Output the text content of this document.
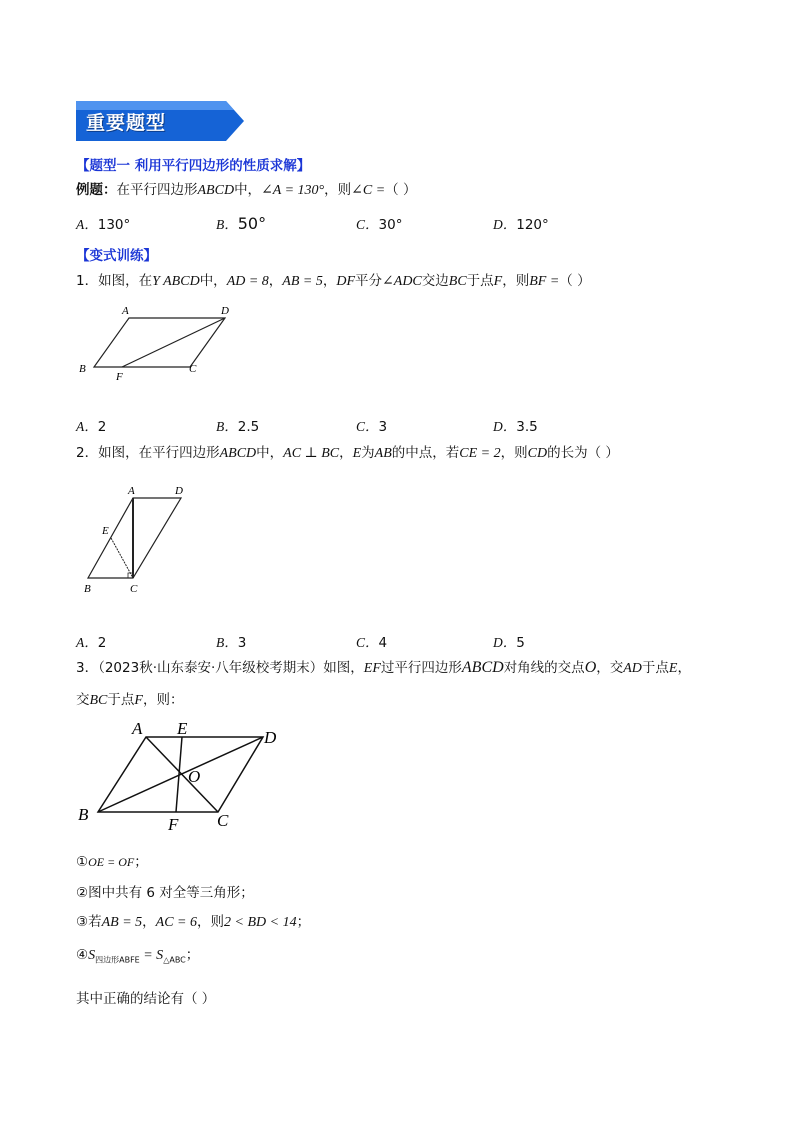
重要题型
【题型一 利用平行四边形的性质求解】
例题：在平行四边形ABCD中，∠A = 130°，则∠C =（ ）
A．130°	B．50°	C．30°	D．120°
【变式训练】
1．如图，在Y ABCD中，AD = 8，AB = 5，DF平分∠ADC交边BC于点F，则BF =（ ）
A	D
B
F
C
A．2	B．2.5	C．3	D．3.5
2．如图，在平行四边形ABCD中，AC ⊥ BC，E为AB的中点，若CE = 2，则CD的长为（ ）
A	D
E
B	C
A．2	B．3	C．4	D．5
3．（2023秋·山东泰安·八年级校考期末）如图，EF过平行四边形ABCD对角线的交点O，交AD于点E，
交BC于点F，则：
A E	D
O
B
F C
①OE = OF；
②图中共有 6 对全等三角形；
③若AB = 5，AC = 6，则2 < BD < 14；
$④S_{四边形ABFE} = S_{\triangle ABC}$；
其中正确的结论有（ ）
